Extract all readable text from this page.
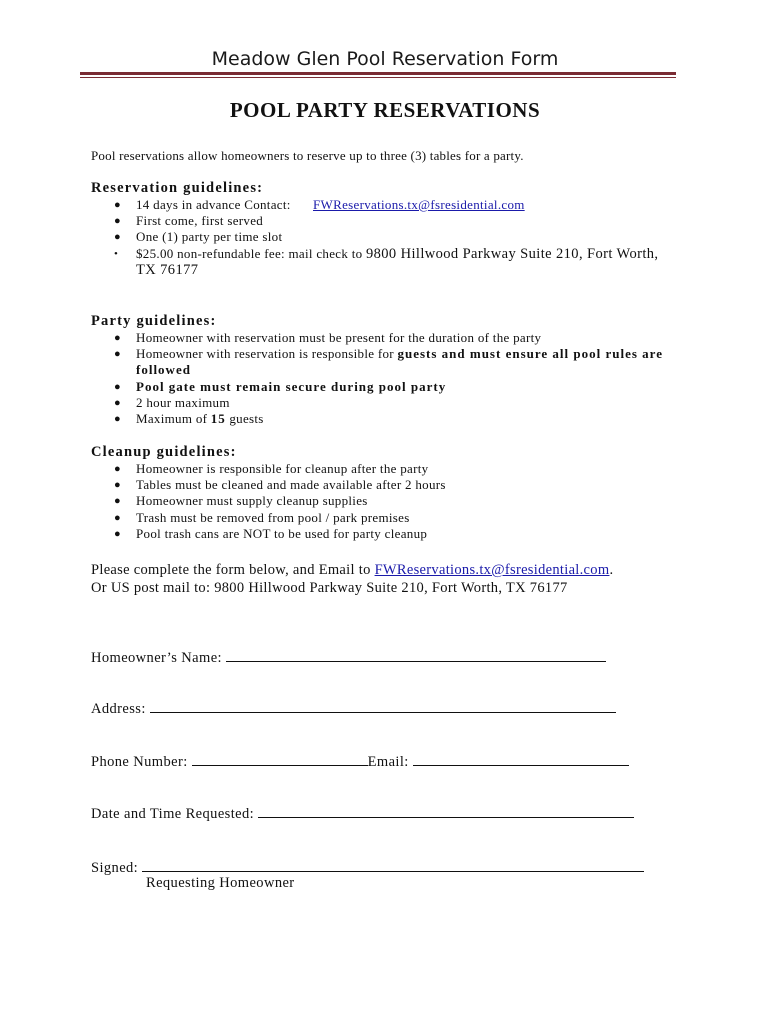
Meadow Glen Pool Reservation Form
POOL PARTY RESERVATIONS
Pool reservations allow homeowners to reserve up to three (3) tables for a party.
Reservation guidelines:
● 14 days in advance Contact: FWReservations.tx@fsresidential.com
● First come, first served
● One (1) party per time slot
• $25.00 non-refundable fee: mail check to 9800 Hillwood Parkway Suite 210, Fort Worth, TX 76177
Party guidelines:
● Homeowner with reservation must be present for the duration of the party
● Homeowner with reservation is responsible for guests and must ensure all pool rules are followed
● Pool gate must remain secure during pool party
● 2 hour maximum
● Maximum of 15 guests
Cleanup guidelines:
● Homeowner is responsible for cleanup after the party
● Tables must be cleaned and made available after 2 hours
● Homeowner must supply cleanup supplies
● Trash must be removed from pool / park premises
● Pool trash cans are NOT to be used for party cleanup
Please complete the form below, and Email to FWReservations.tx@fsresidential.com.
Or US post mail to: 9800 Hillwood Parkway Suite 210, Fort Worth, TX 76177
Homeowner’s Name:
Address:
Phone Number:	Email:
Date and Time Requested:
Signed:
Requesting Homeowner
